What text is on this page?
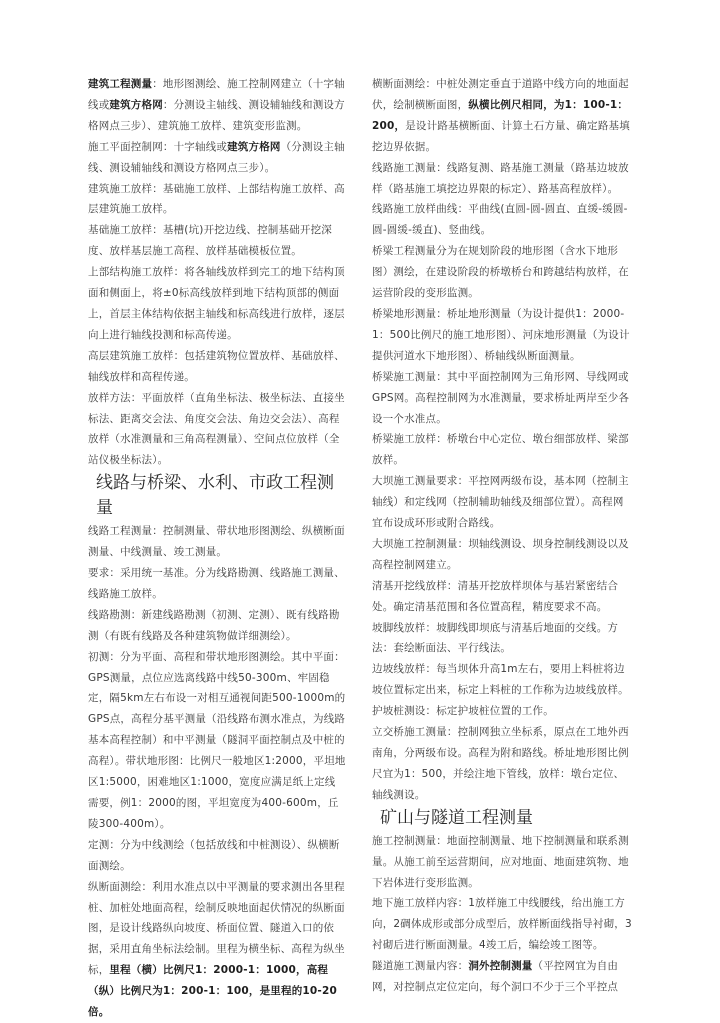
建筑工程测量：地形图测绘、施工控制网建立（十字轴线或建筑方格网：分测设主轴线、测设辅轴线和测设方格网点三步）、建筑施工放样、建筑变形监测。

施工平面控制网：十字轴线或建筑方格网（分测设主轴线、测设辅轴线和测设方格网点三步）。

建筑施工放样：基础施工放样、上部结构施工放样、高层建筑施工放样。

基础施工放样：基槽(坑)开挖边线、控制基础开挖深度、放样基层施工高程、放样基础模板位置。

上部结构施工放样：将各轴线放样到完工的地下结构顶面和侧面上，将±0标高线放样到地下结构顶部的侧面上，首层主体结构依据主轴线和标高线进行放样，逐层向上进行轴线投测和标高传递。

高层建筑施工放样：包括建筑物位置放样、基础放样、轴线放样和高程传递。

放样方法：平面放样（直角坐标法、极坐标法、直接坐标法、距离交会法、角度交会法、角边交会法）、高程放样（水准测量和三角高程测量）、空间点位放样（全站仪极坐标法）。

线路与桥梁、水利、市政工程测量

线路工程测量：控制测量、带状地形图测绘、纵横断面测量、中线测量、竣工测量。

要求：采用统一基准。分为线路勘测、线路施工测量、线路施工放样。

线路勘测：新建线路勘测（初测、定测）、既有线路勘测（有既有线路及各种建筑物做详细测绘）。

初测：分为平面、高程和带状地形图测绘。其中平面：GPS测量，点位应选离线路中线50-300m、牢固稳定，隔5km左右布设一对相互通视间距500-1000m的GPS点，高程分基平测量（沿线路布测水准点，为线路基本高程控制）和中平测量（隧洞平面控制点及中桩的高程）。带状地形图：比例尺一般地区1:2000，平坦地区1:5000，困难地区1:1000，宽度应满足纸上定线需要，例1：2000的图，平坦宽度为400-600m，丘陵300-400m）。

定测：分为中线测绘（包括放线和中桩测设）、纵横断面测绘。

纵断面测绘：利用水准点以中平测量的要求测出各里程桩、加桩处地面高程，绘制反映地面起伏情况的纵断面图，是设计线路纵向坡度、桥面位置、隧道入口的依据，采用直角坐标法绘制。里程为横坐标、高程为纵坐标，里程（横）比例尺1：2000-1：1000，高程（纵）比例尺为1：200-1：100，是里程的10-20倍。

横断面测绘：中桩处测定垂直于道路中线方向的地面起伏，绘制横断面图，纵横比例尺相同，为1：100-1：200，是设计路基横断面、计算土石方量、确定路基填挖边界依据。

线路施工测量：线路复测、路基施工测量（路基边坡放样（路基施工填挖边界限的标定）、路基高程放样）。

线路施工放样曲线：平曲线(直圆-圆-圆直、直缓-缓圆-圆-圆缓-缓直)、竖曲线。

桥梁工程测量分为在规划阶段的地形图（含水下地形图）测绘，在建设阶段的桥墩桥台和跨越结构放样，在运营阶段的变形监测。

桥梁地形测量：桥址地形测量（为设计提供1：2000-1：500比例尺的施工地形图）、河床地形测量（为设计提供河道水下地形图）、桥轴线纵断面测量。

桥梁施工测量：其中平面控制网为三角形网、导线网或GPS网。高程控制网为水准测量，要求桥址两岸至少各设一个水准点。

桥梁施工放样：桥墩台中心定位、墩台细部放样、梁部放样。

大坝施工测量要求：平控网两级布设，基本网（控制主轴线）和定线网（控制辅助轴线及细部位置）。高程网宜布设成环形或附合路线。

大坝施工控制测量：坝轴线测设、坝身控制线测设以及高程控制网建立。

清基开挖线放样：清基开挖放样坝体与基岩紧密结合处。确定清基范围和各位置高程，精度要求不高。

坡脚线放样：坡脚线即坝底与清基后地面的交线。方法：套绘断面法、平行线法。

边坡线放样：每当坝体升高1m左右，要用上料桩将边坡位置标定出来，标定上料桩的工作称为边坡线放样。

护坡桩测设：标定护坡桩位置的工作。

立交桥施工测量：控制网独立坐标系，原点在工地外西南角，分两级布设。高程为附和路线。桥址地形图比例尺宜为1：500，并绘注地下管线，放样：墩台定位、轴线测设。

矿山与隧道工程测量

施工控制测量：地面控制测量、地下控制测量和联系测量。从施工前至运营期间，应对地面、地面建筑物、地下岩体进行变形监测。

地下施工放样内容：1放样施工中线腰线，给出施工方向，2碉体成形或部分成型后，放样断面线指导衬砌，3衬砌后进行断面测量。4竣工后，编绘竣工图等。

隧道施工测量内容：洞外控制测量（平控网宜为自由网，对控制点定位定向，每个洞口不少于三个平控点
